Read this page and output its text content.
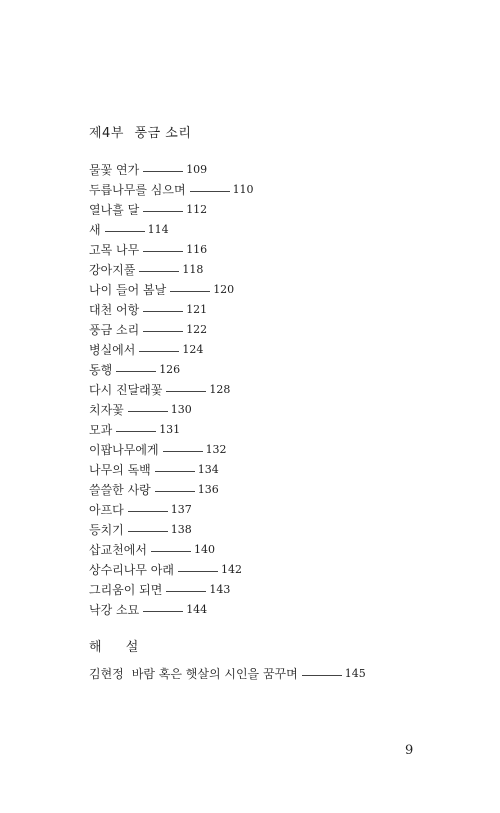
제4부 풍금 소리
물꽃 연가	109
두릅나무를 심으며	110
열나흘 달	112
새	114
고목 나무	116
강아지풀	118
나이 들어 봄날	120
대천 어항	121
풍금 소리	122
병실에서	124
동행	126
다시 진달래꽃	128
치자꽃	130
모과	131
이팝나무에게	132
나무의 독백	134
쓸쓸한 사랑	136
아프다	137
등치기	138
삽교천에서	140
상수리나무 아래	142
그리움이 되면	143
낙강 소묘	144
해 설
김현정 바람 혹은 햇살의 시인을 꿈꾸며	145
9
